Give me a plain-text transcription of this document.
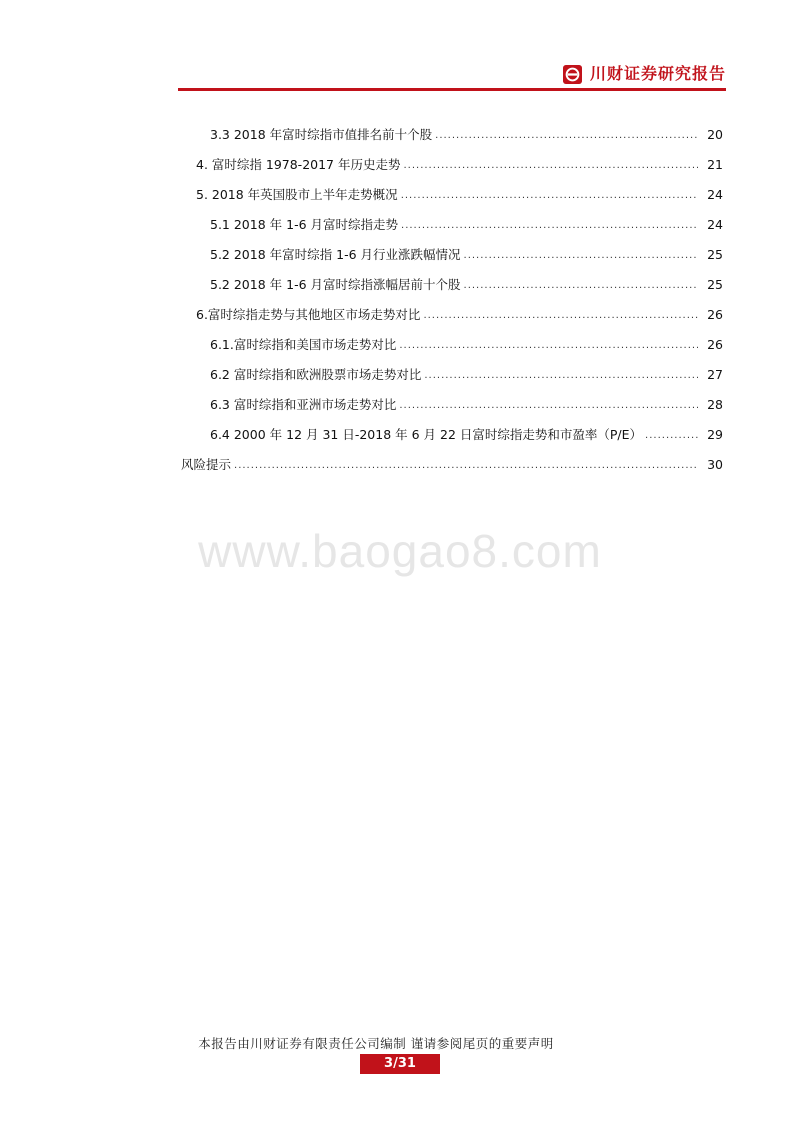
川财证券研究报告
3.3 2018 年富时综指市值排名前十个股 .....	20
4. 富时综指 1978-2017 年历史走势 .....	21
5. 2018 年英国股市上半年走势概况 .....	24
5.1 2018 年 1-6 月富时综指走势 .....	24
5.2 2018 年富时综指 1-6 月行业涨跌幅情况 .....	25
5.2 2018 年 1-6 月富时综指涨幅居前十个股 .....	25
6.富时综指走势与其他地区市场走势对比 .....	26
6.1.富时综指和美国市场走势对比 .....	26
6.2 富时综指和欧洲股票市场走势对比 .....	27
6.3 富时综指和亚洲市场走势对比 .....	28
6.4 2000 年 12 月 31 日-2018 年 6 月 22 日富时综指走势和市盈率（P/E） .....	29
风险提示 .....	30
www.baogao8.com
本报告由川财证券有限责任公司编制 谨请参阅尾页的重要声明
3/31
